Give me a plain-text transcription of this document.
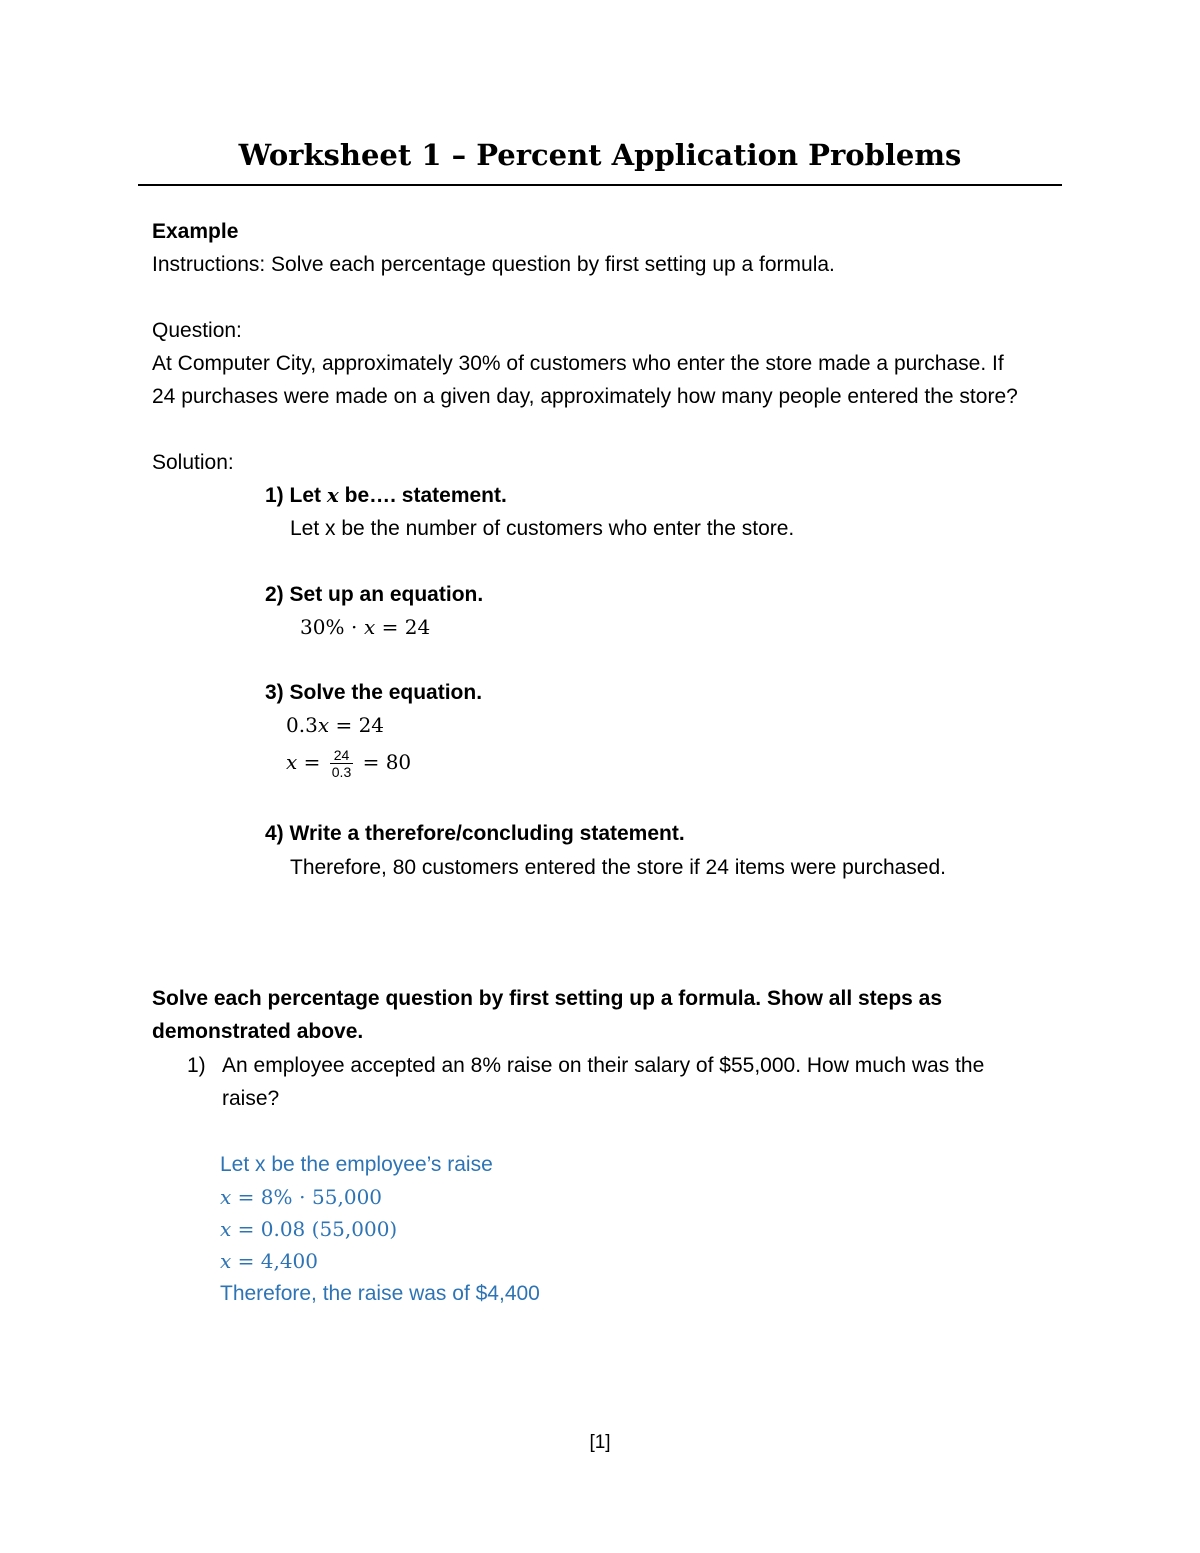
Worksheet 1 – Percent Application Problems
Example
Instructions: Solve each percentage question by first setting up a formula.
Question:
At Computer City, approximately 30% of customers who enter the store made a purchase. If
24 purchases were made on a given day, approximately how many people entered the store?
Solution:
1) Let x be…. statement.
Let x be the number of customers who enter the store.
2) Set up an equation.
30% ⋅ x = 24
3) Solve the equation.
0.3x = 24
$x = \frac{24}{0.3} = 80$
4) Write a therefore/concluding statement.
Therefore, 80 customers entered the store if 24 items were purchased.
Solve each percentage question by first setting up a formula. Show all steps as
demonstrated above.
1) An employee accepted an 8% raise on their salary of $55,000. How much was the
raise?
Let x be the employee’s raise
x = 8% ⋅ 55,000
x = 0.08 (55,000)
x = 4,400
Therefore, the raise was of $4,400
[1]
